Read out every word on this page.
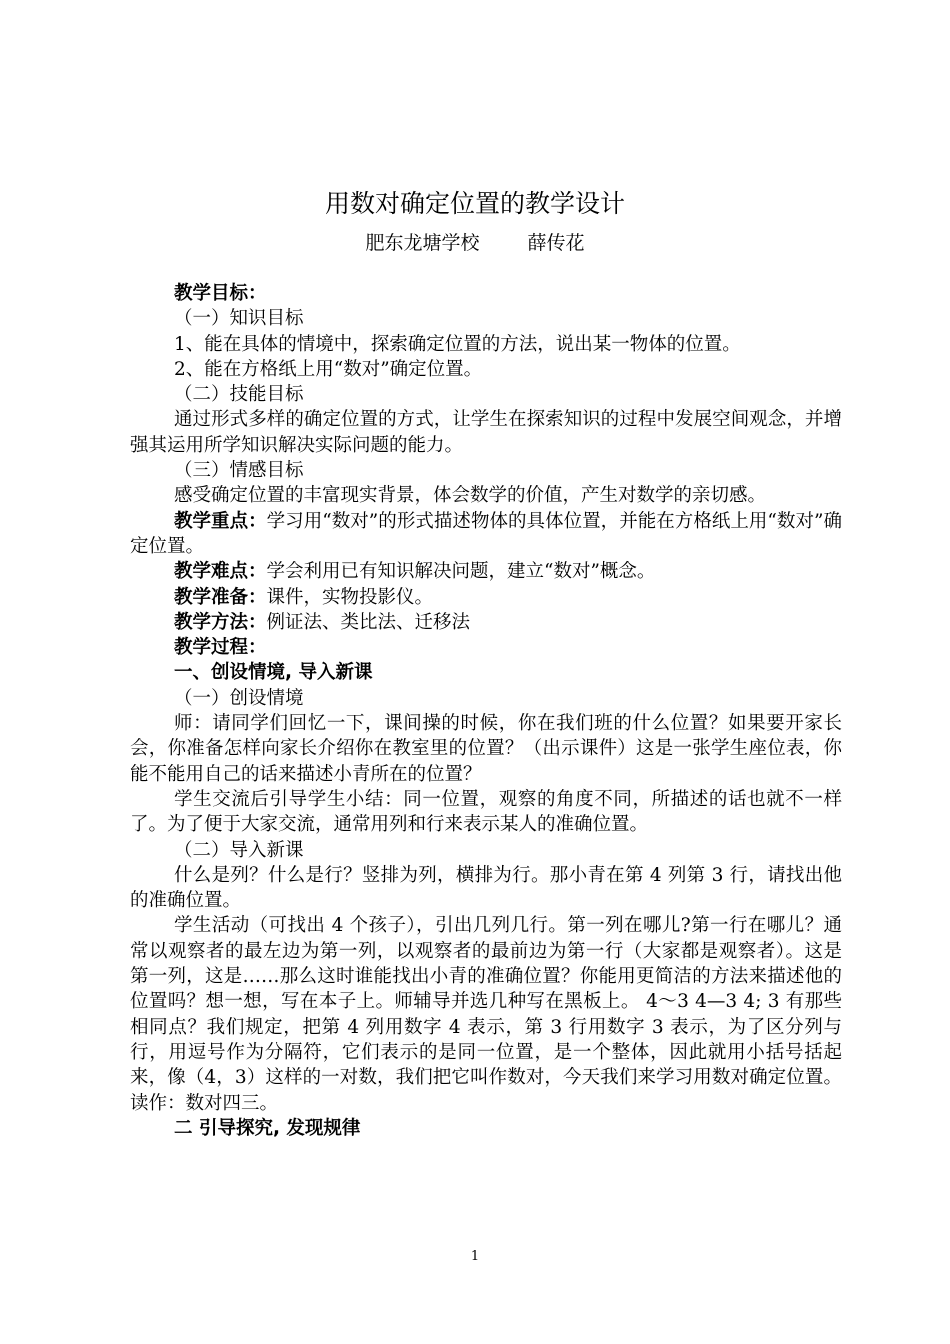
用数对确定位置的教学设计
肥东龙塘学校	薛传花

教学目标：

（一）知识目标

1、能在具体的情境中，探索确定位置的方法，说出某一物体的位置。

2、能在方格纸上用“数对”确定位置。

（二）技能目标

通过形式多样的确定位置的方式，让学生在探索知识的过程中发展空间观念，并增强其运用所学知识解决实际问题的能力。

（三）情感目标

感受确定位置的丰富现实背景，体会数学的价值，产生对数学的亲切感。

教学重点：学习用“数对”的形式描述物体的具体位置，并能在方格纸上用“数对”确定位置。

教学难点：学会利用已有知识解决问题，建立“数对”概念。

教学准备：课件，实物投影仪。

教学方法：例证法、类比法、迁移法

教学过程：

一、创设情境, 导入新课

（一）创设情境

师：请同学们回忆一下，课间操的时候，你在我们班的什么位置？如果要开家长会，你准备怎样向家长介绍你在教室里的位置？（出示课件）这是一张学生座位表，你能不能用自己的话来描述小青所在的位置？

学生交流后引导学生小结：同一位置，观察的角度不同，所描述的话也就不一样了。为了便于大家交流，通常用列和行来表示某人的准确位置。

（二）导入新课

什么是列？什么是行？竖排为列，横排为行。那小青在第 4 列第 3 行，请找出他的准确位置。

学生活动（可找出 4 个孩子），引出几列几行。第一列在哪儿?第一行在哪儿？通常以观察者的最左边为第一列，以观察者的最前边为第一行（大家都是观察者）。这是第一列，这是……那么这时谁能找出小青的准确位置？你能用更简洁的方法来描述他的位置吗？想一想，写在本子上。师辅导并选几种写在黑板上。 4～3 4—3 4; 3 有那些相同点？我们规定，把第 4 列用数字 4 表示，第 3 行用数字 3 表示，为了区分列与行，用逗号作为分隔符，它们表示的是同一位置，是一个整体，因此就用小括号括起来，像（4，3）这样的一对数，我们把它叫作数对，今天我们来学习用数对确定位置。读作：数对四三。

二 引导探究, 发现规律

1
